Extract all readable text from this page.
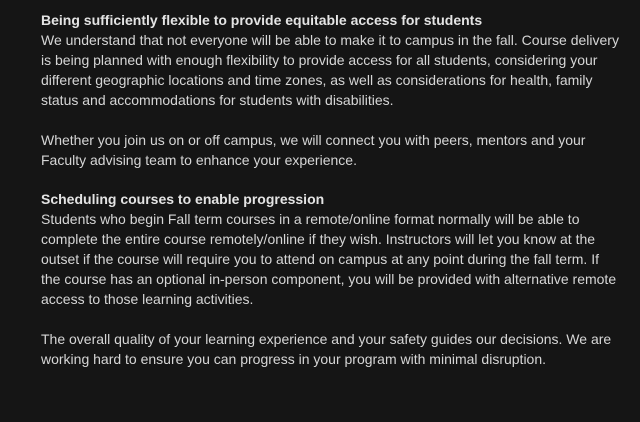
Being sufficiently flexible to provide equitable access for students

We understand that not everyone will be able to make it to campus in the fall. Course delivery is being planned with enough flexibility to provide access for all students, considering your different geographic locations and time zones, as well as considerations for health, family status and accommodations for students with disabilities.

Whether you join us on or off campus, we will connect you with peers, mentors and your Faculty advising team to enhance your experience.

Scheduling courses to enable progression

Students who begin Fall term courses in a remote/online format normally will be able to complete the entire course remotely/online if they wish. Instructors will let you know at the outset if the course will require you to attend on campus at any point during the fall term. If the course has an optional in-person component, you will be provided with alternative remote access to those learning activities.

The overall quality of your learning experience and your safety guides our decisions. We are working hard to ensure you can progress in your program with minimal disruption.
